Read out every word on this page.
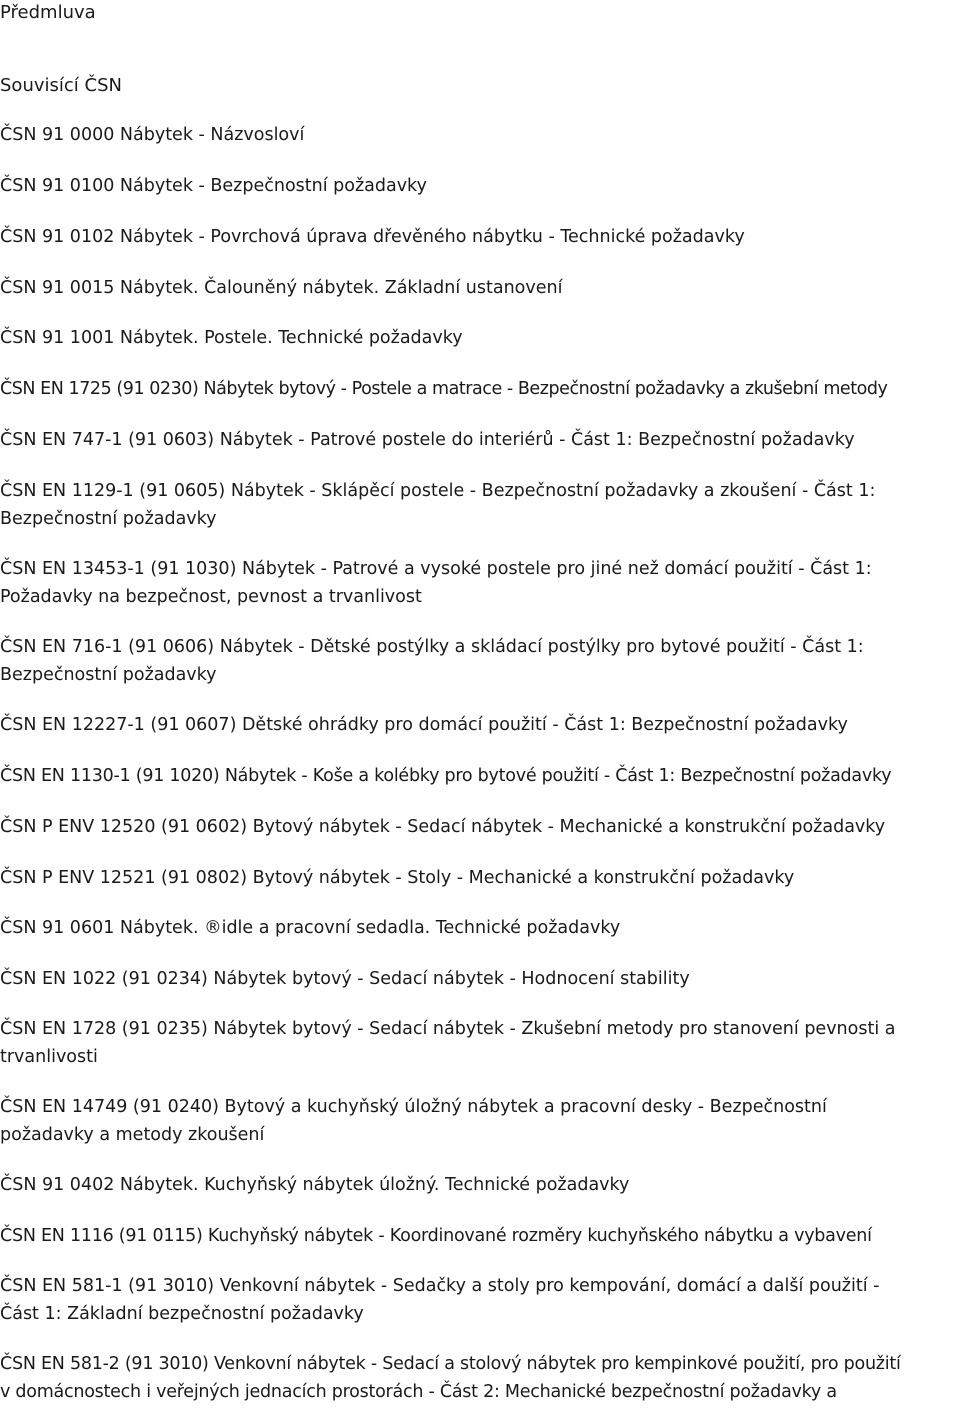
Předmluva
Souvisící ČSN
ČSN 91 0000 Nábytek - Názvosloví
ČSN 91 0100 Nábytek - Bezpečnostní požadavky
ČSN 91 0102 Nábytek - Povrchová úprava dřevěného nábytku - Technické požadavky
ČSN 91 0015 Nábytek. Čalouněný nábytek. Základní ustanovení
ČSN 91 1001 Nábytek. Postele. Technické požadavky
ČSN EN 1725 (91 0230) Nábytek bytový - Postele a matrace - Bezpečnostní požadavky a zkušební metody
ČSN EN 747-1 (91 0603) Nábytek - Patrové postele do interiérů - Část 1: Bezpečnostní požadavky
ČSN EN 1129-1 (91 0605) Nábytek - Sklápěcí postele - Bezpečnostní požadavky a zkoušení - Část 1:
Bezpečnostní požadavky
ČSN EN 13453-1 (91 1030) Nábytek - Patrové a vysoké postele pro jiné než domácí použití - Část 1:
Požadavky na bezpečnost, pevnost a trvanlivost
ČSN EN 716-1 (91 0606) Nábytek - Dětské postýlky a skládací postýlky pro bytové použití - Část 1:
Bezpečnostní požadavky
ČSN EN 12227-1 (91 0607) Dětské ohrádky pro domácí použití - Část 1: Bezpečnostní požadavky
ČSN EN 1130-1 (91 1020) Nábytek - Koše a kolébky pro bytové použití - Část 1: Bezpečnostní požadavky
ČSN P ENV 12520 (91 0602) Bytový nábytek - Sedací nábytek - Mechanické a konstrukční požadavky
ČSN P ENV 12521 (91 0802) Bytový nábytek - Stoly - Mechanické a konstrukční požadavky
ČSN 91 0601 Nábytek. ®idle a pracovní sedadla. Technické požadavky
ČSN EN 1022 (91 0234) Nábytek bytový - Sedací nábytek - Hodnocení stability
ČSN EN 1728 (91 0235) Nábytek bytový - Sedací nábytek - Zkušební metody pro stanovení pevnosti a
trvanlivosti
ČSN EN 14749 (91 0240) Bytový a kuchyňský úložný nábytek a pracovní desky - Bezpečnostní
požadavky a metody zkoušení
ČSN 91 0402 Nábytek. Kuchyňský nábytek úložný. Technické požadavky
ČSN EN 1116 (91 0115) Kuchyňský nábytek - Koordinované rozměry kuchyňského nábytku a vybavení
ČSN EN 581-1 (91 3010) Venkovní nábytek - Sedačky a stoly pro kempování, domácí a další použití -
Část 1: Základní bezpečnostní požadavky
ČSN EN 581-2 (91 3010) Venkovní nábytek - Sedací a stolový nábytek pro kempinkové použití, pro použití
v domácnostech i veřejných jednacích prostorách - Část 2: Mechanické bezpečnostní požadavky a
